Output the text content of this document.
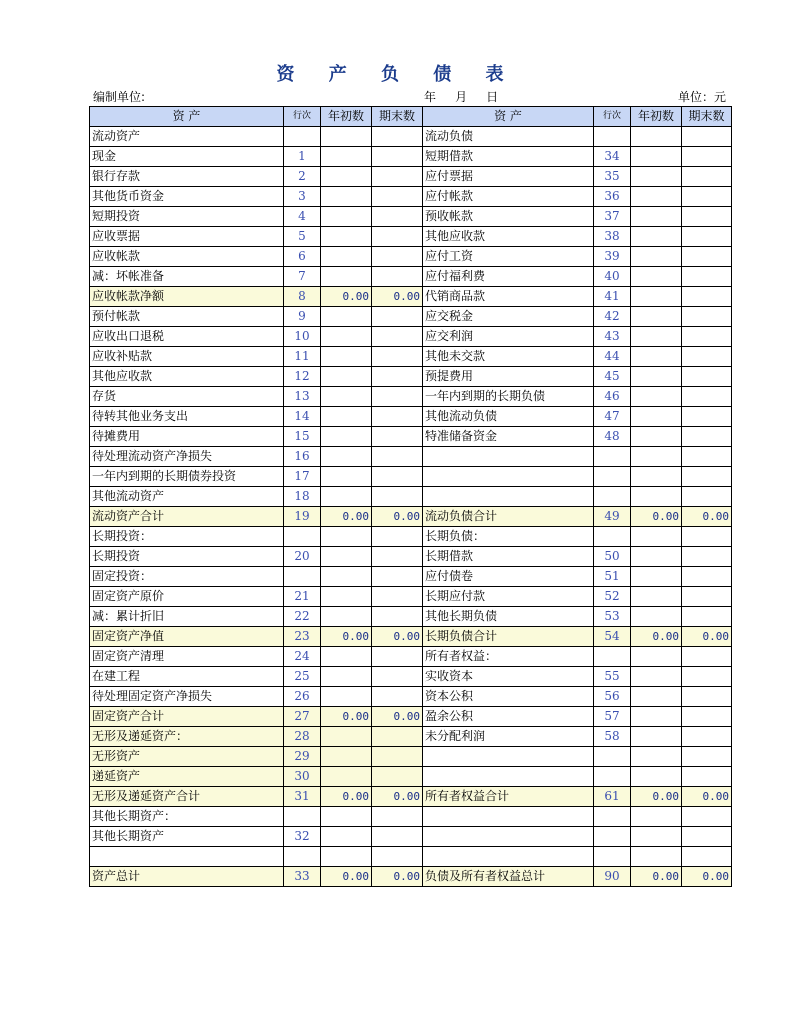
资 产 负 债 表
编制单位:	年     月     日	单位：元
资 产	行次	年初数	期末数	资 产	行次	年初数	期末数
流动资产				流动负债			
现金	1			短期借款	34		
银行存款	2			应付票据	35		
其他货币资金	3			应付帐款	36		
短期投资	4			预收帐款	37		
应收票据	5			其他应收款	38		
应收帐款	6			应付工资	39		
减：坏帐准备	7			应付福利费	40		
应收帐款净额	8	0.00	0.00	代销商品款	41		
预付帐款	9			应交税金	42		
应收出口退税	10			应交利润	43		
应收补贴款	11			其他未交款	44		
其他应收款	12			预提费用	45		
存货	13			一年内到期的长期负债	46		
待转其他业务支出	14			其他流动负债	47		
待摊费用	15			特准储备资金	48		
待处理流动资产净损失	16						
一年内到期的长期债券投资	17						
其他流动资产	18						
流动资产合计	19	0.00	0.00	流动负债合计	49	0.00	0.00
长期投资：				长期负债：			
长期投资	20			长期借款	50		
固定投资：				应付债卷	51		
固定资产原价	21			长期应付款	52		
减：累计折旧	22			其他长期负债	53		
固定资产净值	23	0.00	0.00	长期负债合计	54	0.00	0.00
固定资产清理	24			所有者权益：			
在建工程	25			实收资本	55		
待处理固定资产净损失	26			资本公积	56		
固定资产合计	27	0.00	0.00	盈余公积	57		
无形及递延资产：	28			未分配利润	58		
无形资产	29						
递延资产	30						
无形及递延资产合计	31	0.00	0.00	所有者权益合计	61	0.00	0.00
其他长期资产：							
其他长期资产	32						

资产总计	33	0.00	0.00	负债及所有者权益总计	90	0.00	0.00
